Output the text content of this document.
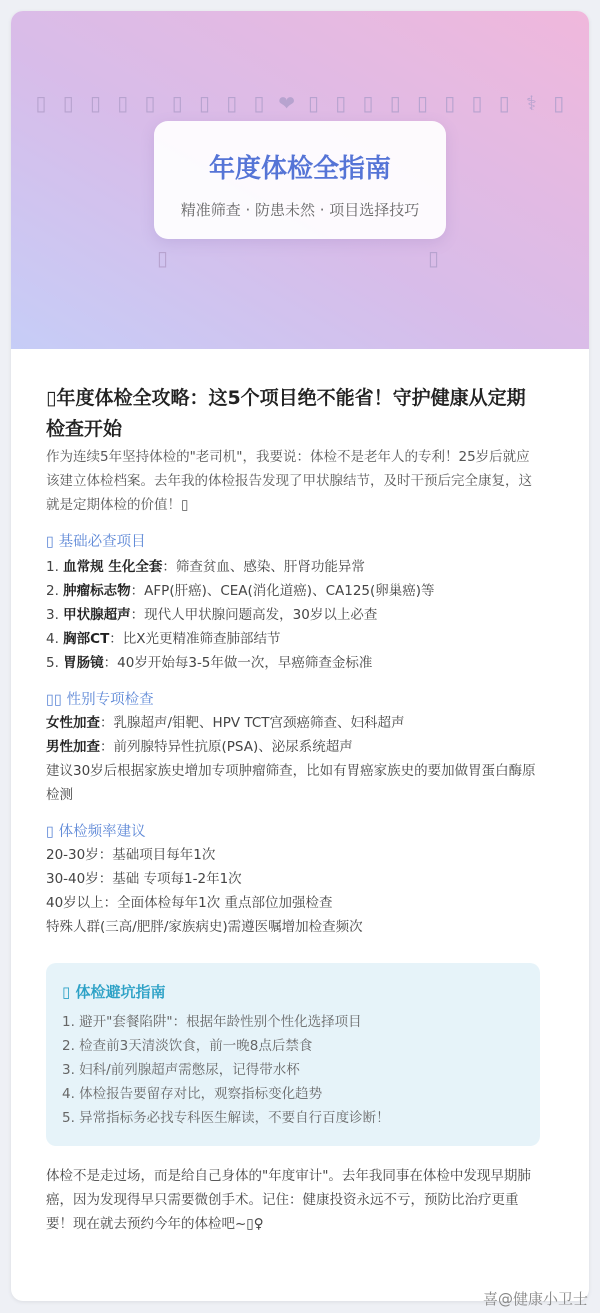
▯ ▯ ▯ ▯ ▯ ▯ ▯ ▯ ▯ ❤ ▯ ▯ ▯ ▯ ▯ ▯ ▯ ▯ ⚕ ▯
年度体检全指南
精准筛查 · 防患未然 · 项目选择技巧
▯	▯
▯年度体检全攻略：这5个项目绝不能省！守护健康从定期检查开始

作为连续5年坚持体检的"老司机"，我要说：体检不是老年人的专利！25岁后就应该建立体检档案。去年我的体检报告发现了甲状腺结节，及时干预后完全康复，这就是定期体检的价值！▯

▯ 基础必查项目
1. 血常规 生化全套：筛查贫血、感染、肝肾功能异常
2. 肿瘤标志物：AFP(肝癌)、CEA(消化道癌)、CA125(卵巢癌)等
3. 甲状腺超声：现代人甲状腺问题高发，30岁以上必查
4. 胸部CT：比X光更精准筛查肺部结节
5. 胃肠镜：40岁开始每3-5年做一次，早癌筛查金标准
▯▯ 性别专项检查
女性加查：乳腺超声/钼靶、HPV TCT宫颈癌筛查、妇科超声
男性加查：前列腺特异性抗原(PSA)、泌尿系统超声
建议30岁后根据家族史增加专项肿瘤筛查，比如有胃癌家族史的要加做胃蛋白酶原检测
▯ 体检频率建议
20-30岁：基础项目每年1次
30-40岁：基础 专项每1-2年1次
40岁以上：全面体检每年1次 重点部位加强检查
特殊人群(三高/肥胖/家族病史)需遵医嘱增加检查频次
▯ 体检避坑指南
1. 避开"套餐陷阱"：根据年龄性别个性化选择项目
2. 检查前3天清淡饮食，前一晚8点后禁食
3. 妇科/前列腺超声需憋尿，记得带水杯
4. 体检报告要留存对比，观察指标变化趋势
5. 异常指标务必找专科医生解读，不要自行百度诊断！

体检不是走过场，而是给自己身体的"年度审计"。去年我同事在体检中发现早期肺癌，因为发现得早只需要微创手术。记住：健康投资永远不亏，预防比治疗更重要！现在就去预约今年的体检吧~▯♀

喜@健康小卫士
